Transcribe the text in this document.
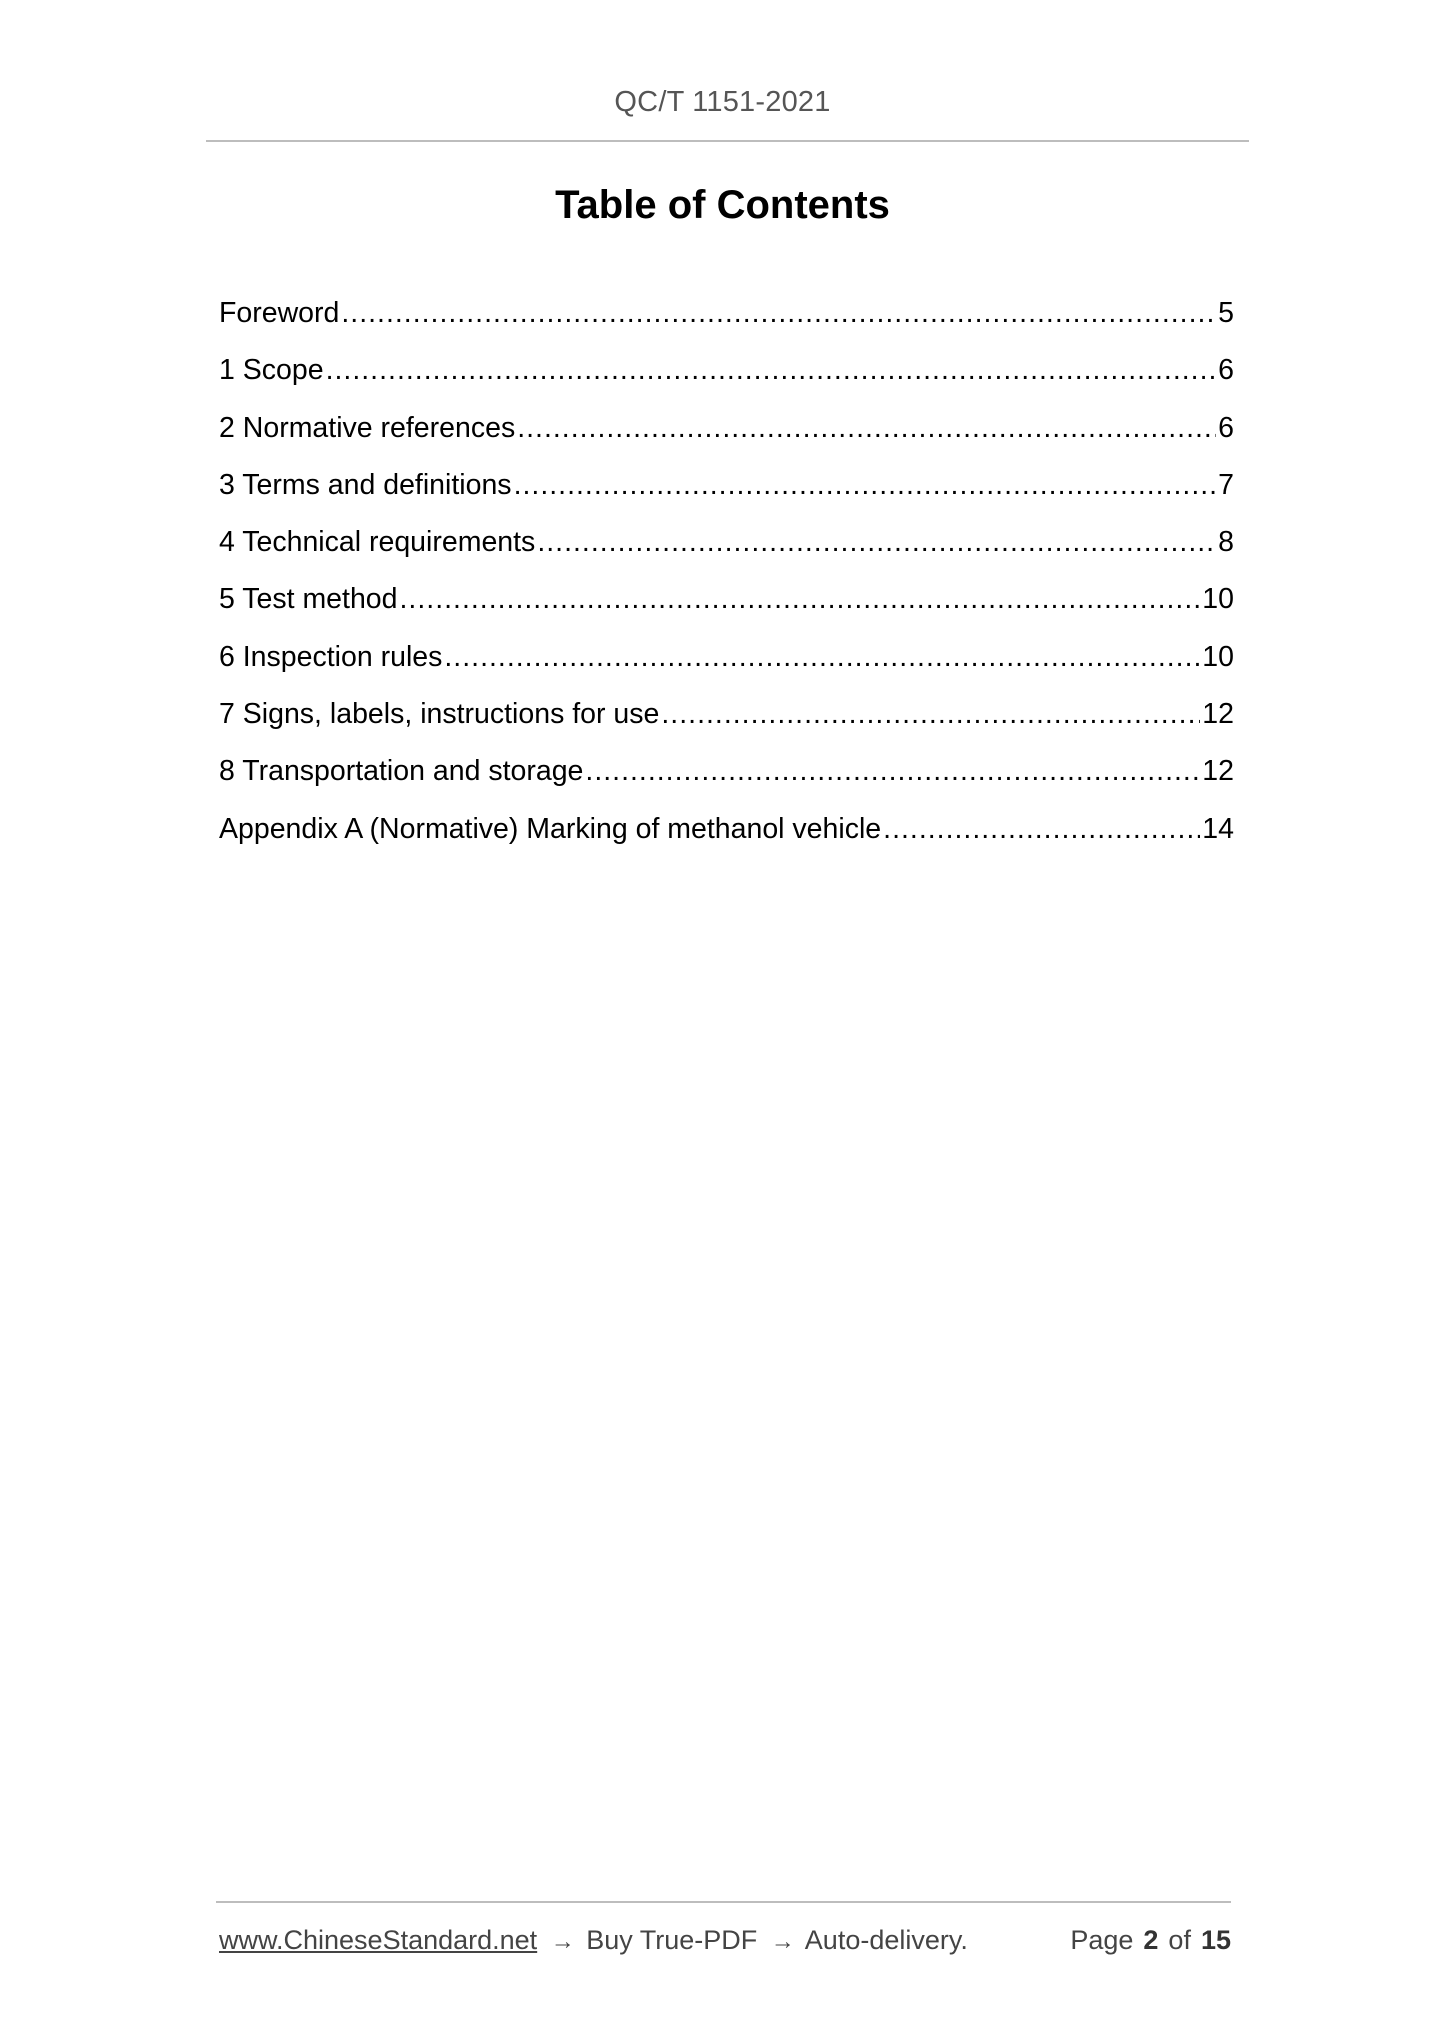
QC/T 1151-2021
Table of Contents
Foreword .....	5
1 Scope .....	6
2 Normative references .....	6
3 Terms and definitions .....	7
4 Technical requirements .....	8
5 Test method .....	10
6 Inspection rules .....	10
7 Signs, labels, instructions for use .....	12
8 Transportation and storage .....	12
Appendix A (Normative) Marking of methanol vehicle .....	14
www.ChineseStandard.net → Buy True-PDF → Auto-delivery.	Page 2 of 15
